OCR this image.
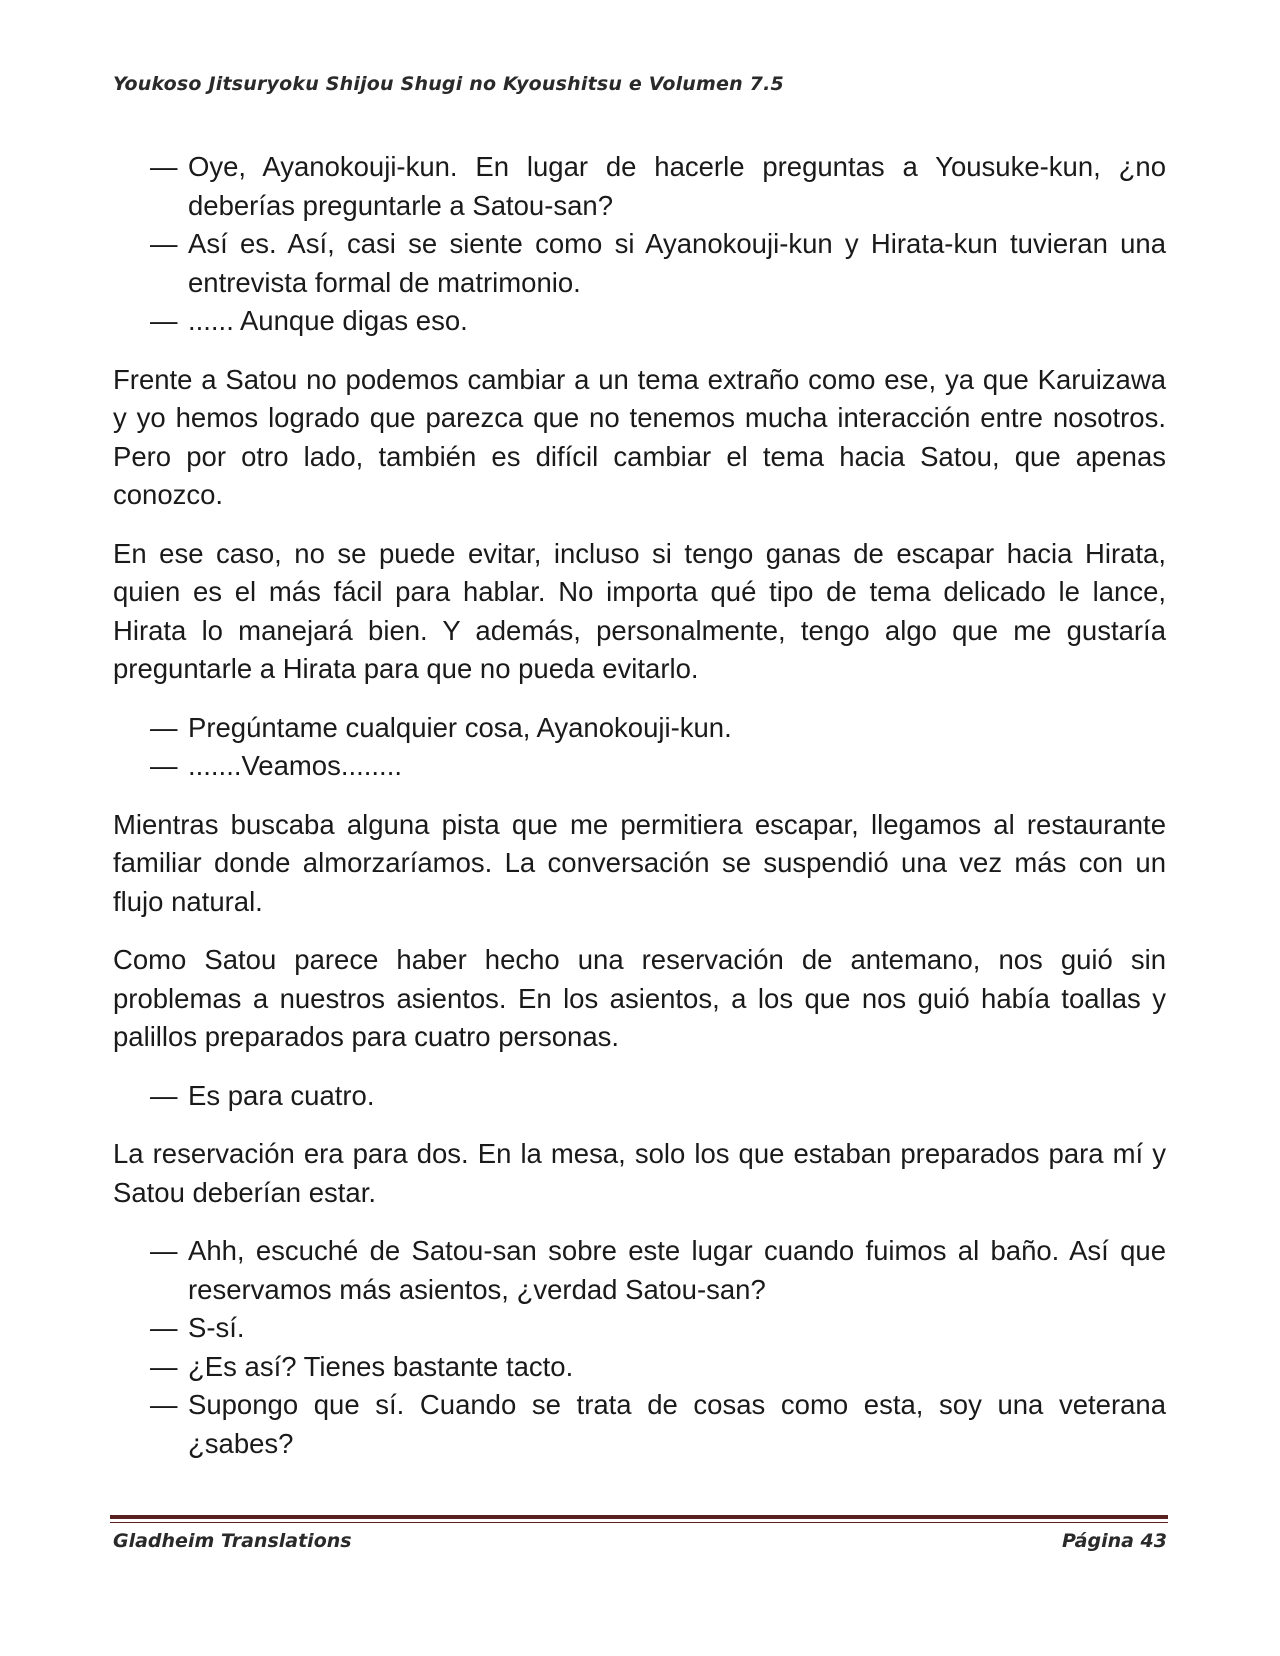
Youkoso Jitsuryoku Shijou Shugi no Kyoushitsu e Volumen 7.5
— Oye, Ayanokouji-kun. En lugar de hacerle preguntas a Yousuke-kun, ¿no deberías preguntarle a Satou-san?
— Así es. Así, casi se siente como si Ayanokouji-kun y Hirata-kun tuvieran una entrevista formal de matrimonio.
— ...... Aunque digas eso.

Frente a Satou no podemos cambiar a un tema extraño como ese, ya que Karuizawa y yo hemos logrado que parezca que no tenemos mucha interacción entre nosotros. Pero por otro lado, también es difícil cambiar el tema hacia Satou, que apenas conozco.

En ese caso, no se puede evitar, incluso si tengo ganas de escapar hacia Hirata, quien es el más fácil para hablar. No importa qué tipo de tema delicado le lance, Hirata lo manejará bien. Y además, personalmente, tengo algo que me gustaría preguntarle a Hirata para que no pueda evitarlo.

— Pregúntame cualquier cosa, Ayanokouji-kun.
— .......Veamos........

Mientras buscaba alguna pista que me permitiera escapar, llegamos al restaurante familiar donde almorzaríamos. La conversación se suspendió una vez más con un flujo natural.

Como Satou parece haber hecho una reservación de antemano, nos guió sin problemas a nuestros asientos. En los asientos, a los que nos guió había toallas y palillos preparados para cuatro personas.

— Es para cuatro.

La reservación era para dos. En la mesa, solo los que estaban preparados para mí y Satou deberían estar.

— Ahh, escuché de Satou-san sobre este lugar cuando fuimos al baño. Así que reservamos más asientos, ¿verdad Satou-san?
— S-sí.
— ¿Es así? Tienes bastante tacto.
— Supongo que sí. Cuando se trata de cosas como esta, soy una veterana ¿sabes?
Gladheim Translations	Página 43
